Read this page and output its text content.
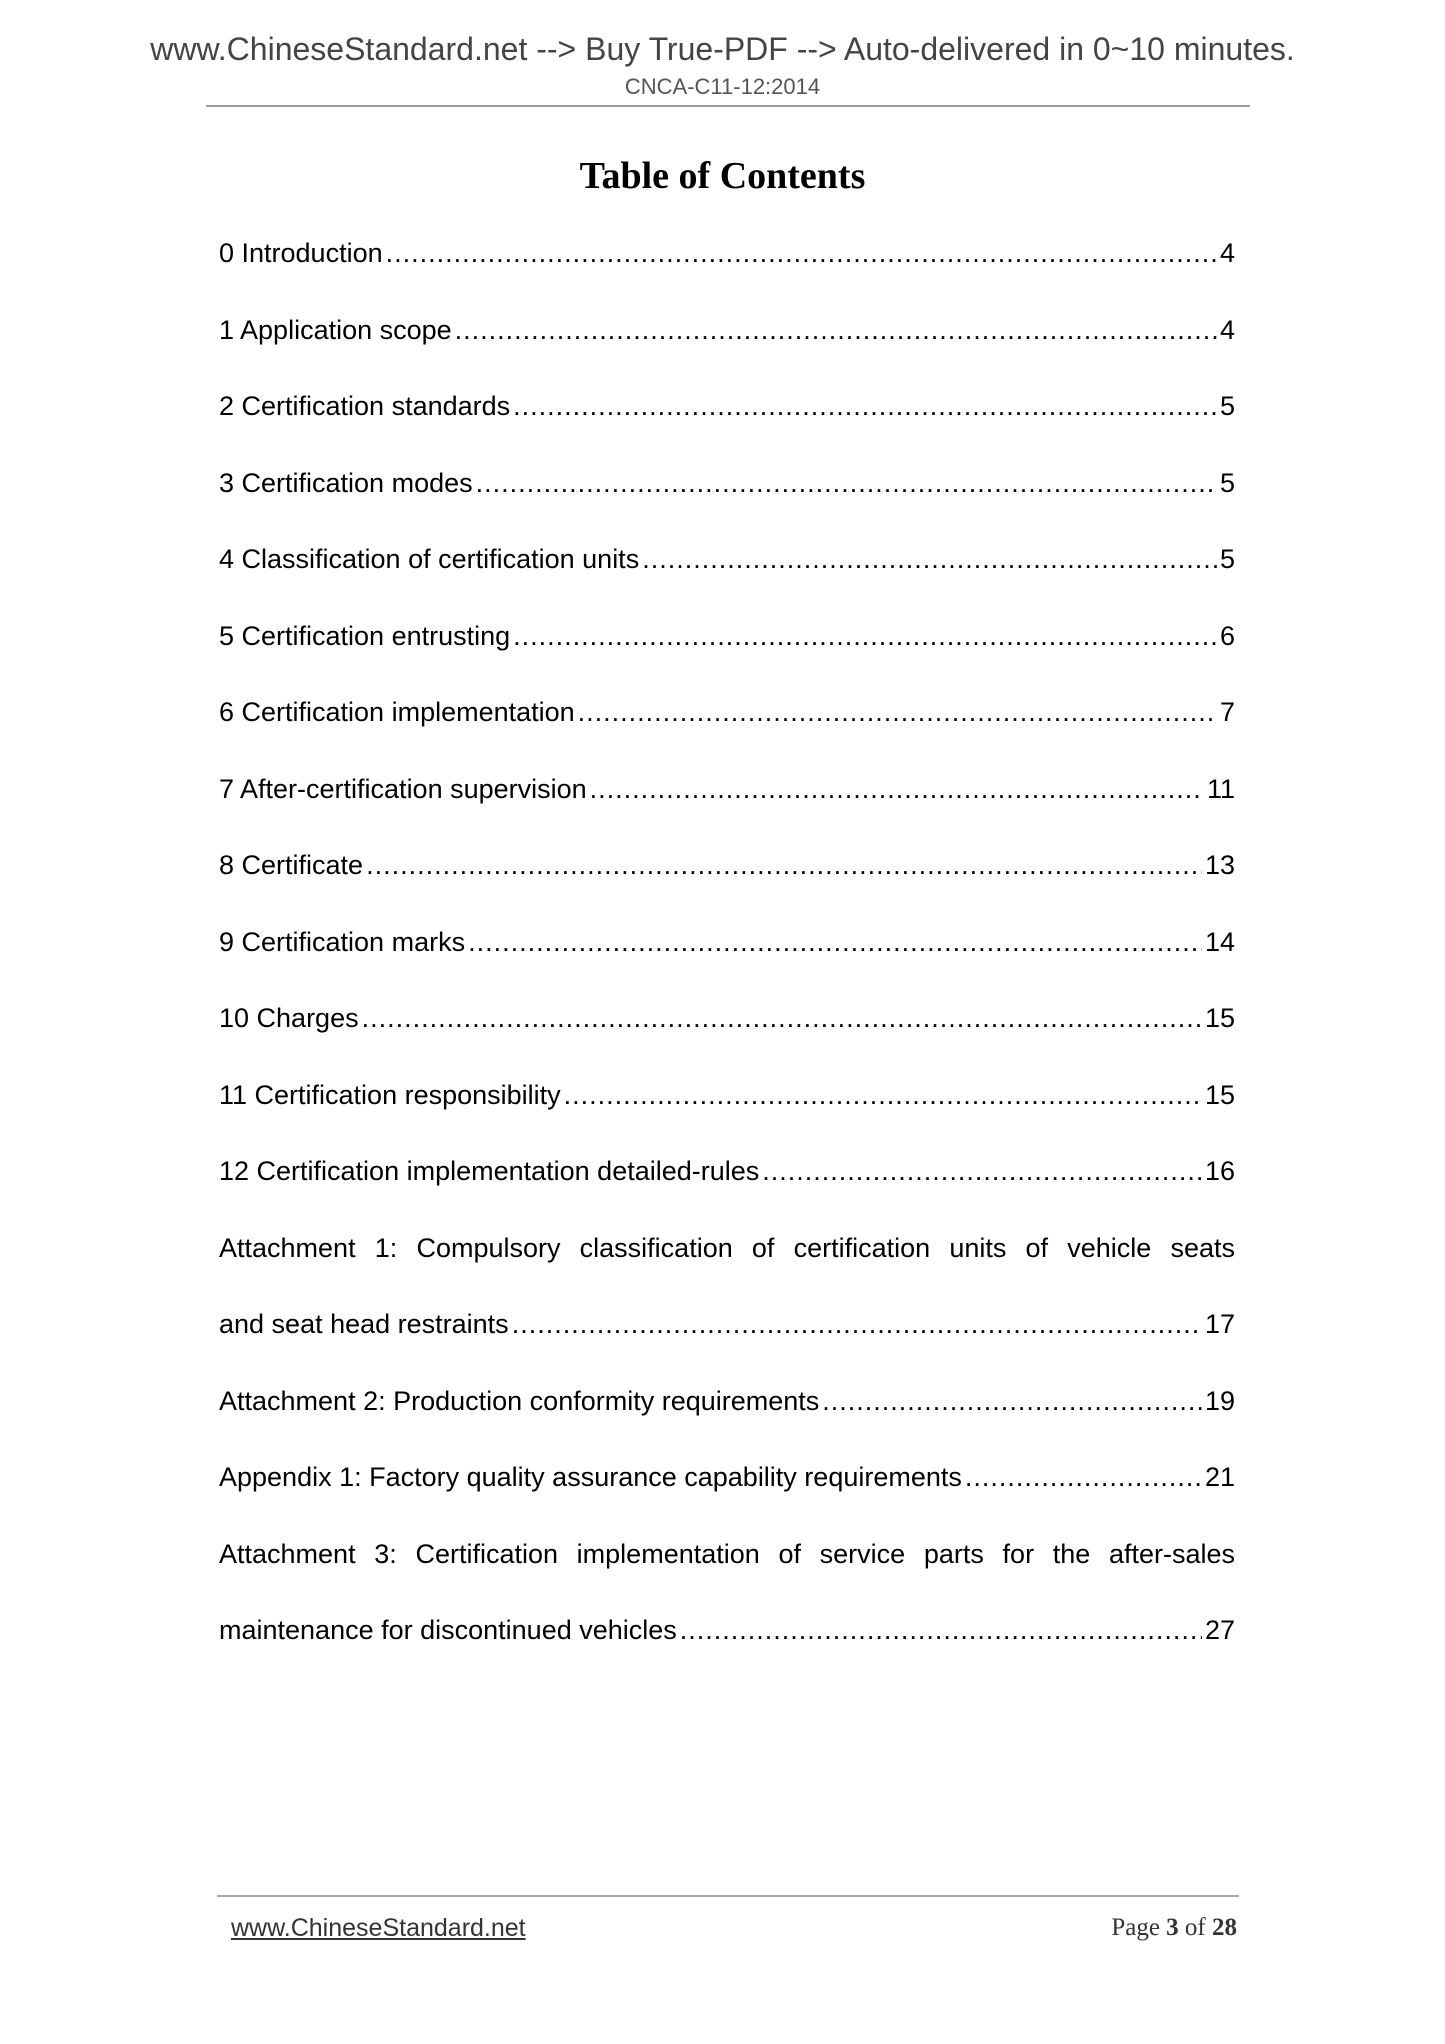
www.ChineseStandard.net --> Buy True-PDF --> Auto-delivered in 0~10 minutes.
CNCA-C11-12:2014
Table of Contents
0 Introduction .....	4
1 Application scope .....	4
2 Certification standards .....	5
3 Certification modes .....	5
4 Classification of certification units .....	5
5 Certification entrusting .....	6
6 Certification implementation .....	7
7 After-certification supervision .....	11
8 Certificate .....	13
9 Certification marks .....	14
10 Charges .....	15
11 Certification responsibility .....	15
12 Certification implementation detailed-rules .....	16
Attachment 1: Compulsory classification of certification units of vehicle seats
and seat head restraints .....	17
Attachment 2: Production conformity requirements .....	19
Appendix 1: Factory quality assurance capability requirements .....	21
Attachment 3: Certification implementation of service parts for the after-sales
maintenance for discontinued vehicles .....	27
www.ChineseStandard.net	Page 3 of 28
